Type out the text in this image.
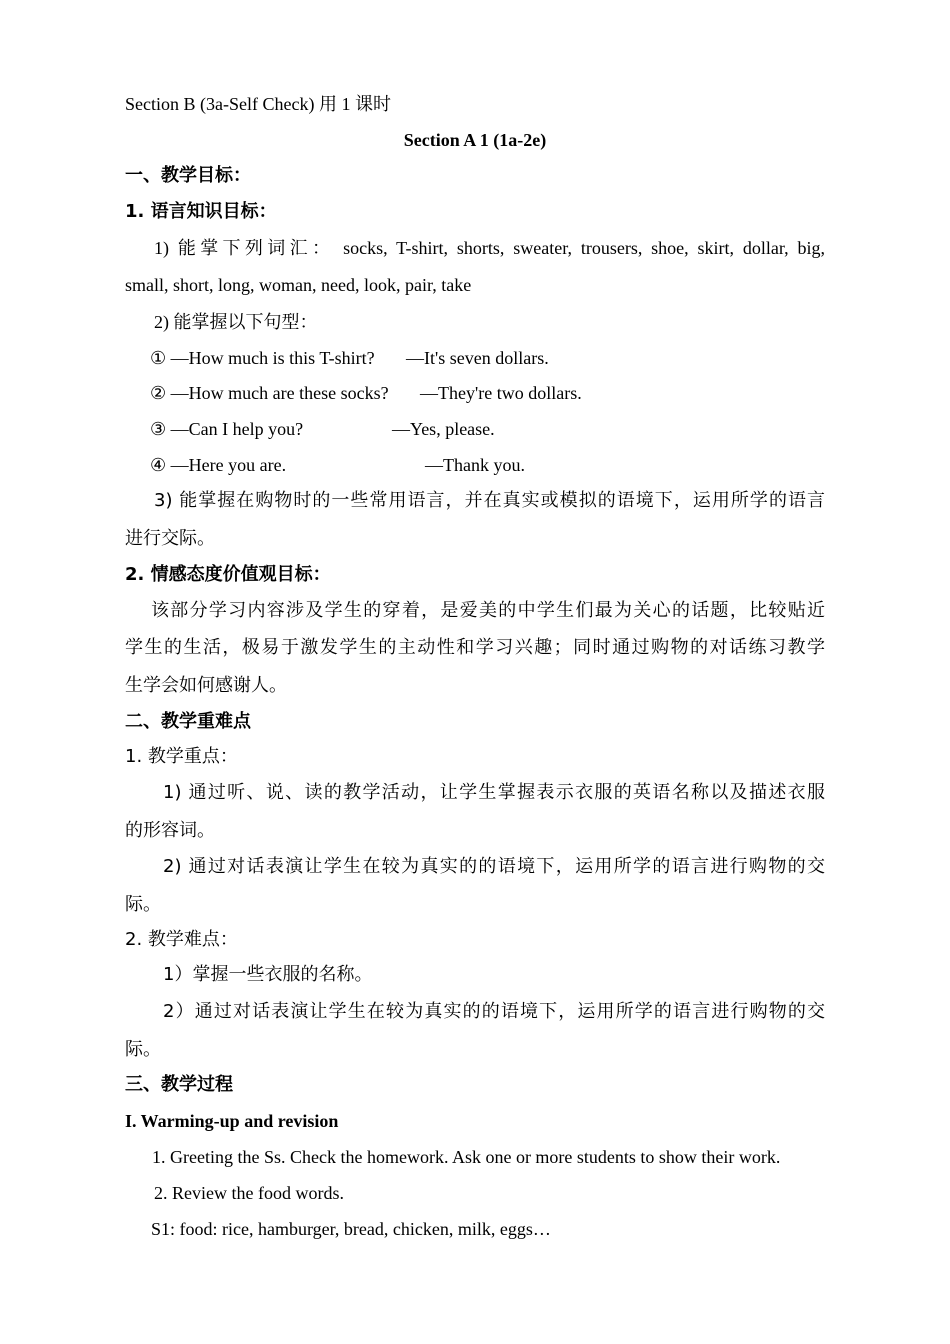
Section B (3a-Self Check) 用 1 课时
Section A 1 (1a-2e)
一、教学目标：
1. 语言知识目标：
1) 能掌下列词汇： socks, T-shirt, shorts, sweater, trousers, shoe, skirt, dollar, big,
small, short, long, woman, need, look, pair, take
2) 能掌握以下句型：
① —How much is this T-shirt? —It's seven dollars.
② —How much are these socks? —They're two dollars.
③ —Can I help you?	—Yes, please.
④ —Here you are.	—Thank you.
3) 能掌握在购物时的一些常用语言，并在真实或模拟的语境下，运用所学的语言
进行交际。
2. 情感态度价值观目标：
该部分学习内容涉及学生的穿着，是爱美的中学生们最为关心的话题，比较贴近
学生的生活，极易于激发学生的主动性和学习兴趣；同时通过购物的对话练习教学
生学会如何感谢人。
二、教学重难点
1. 教学重点：
1) 通过听、说、读的教学活动，让学生掌握表示衣服的英语名称以及描述衣服
的形容词。
2) 通过对话表演让学生在较为真实的的语境下，运用所学的语言进行购物的交
际。
2. 教学难点：
1）掌握一些衣服的名称。
2）通过对话表演让学生在较为真实的的语境下，运用所学的语言进行购物的交
际。
三、教学过程
I. Warming-up and revision
1. Greeting the Ss. Check the homework. Ask one or more students to show their work.
2. Review the food words.
S1: food: rice, hamburger, bread, chicken, milk, eggs…
